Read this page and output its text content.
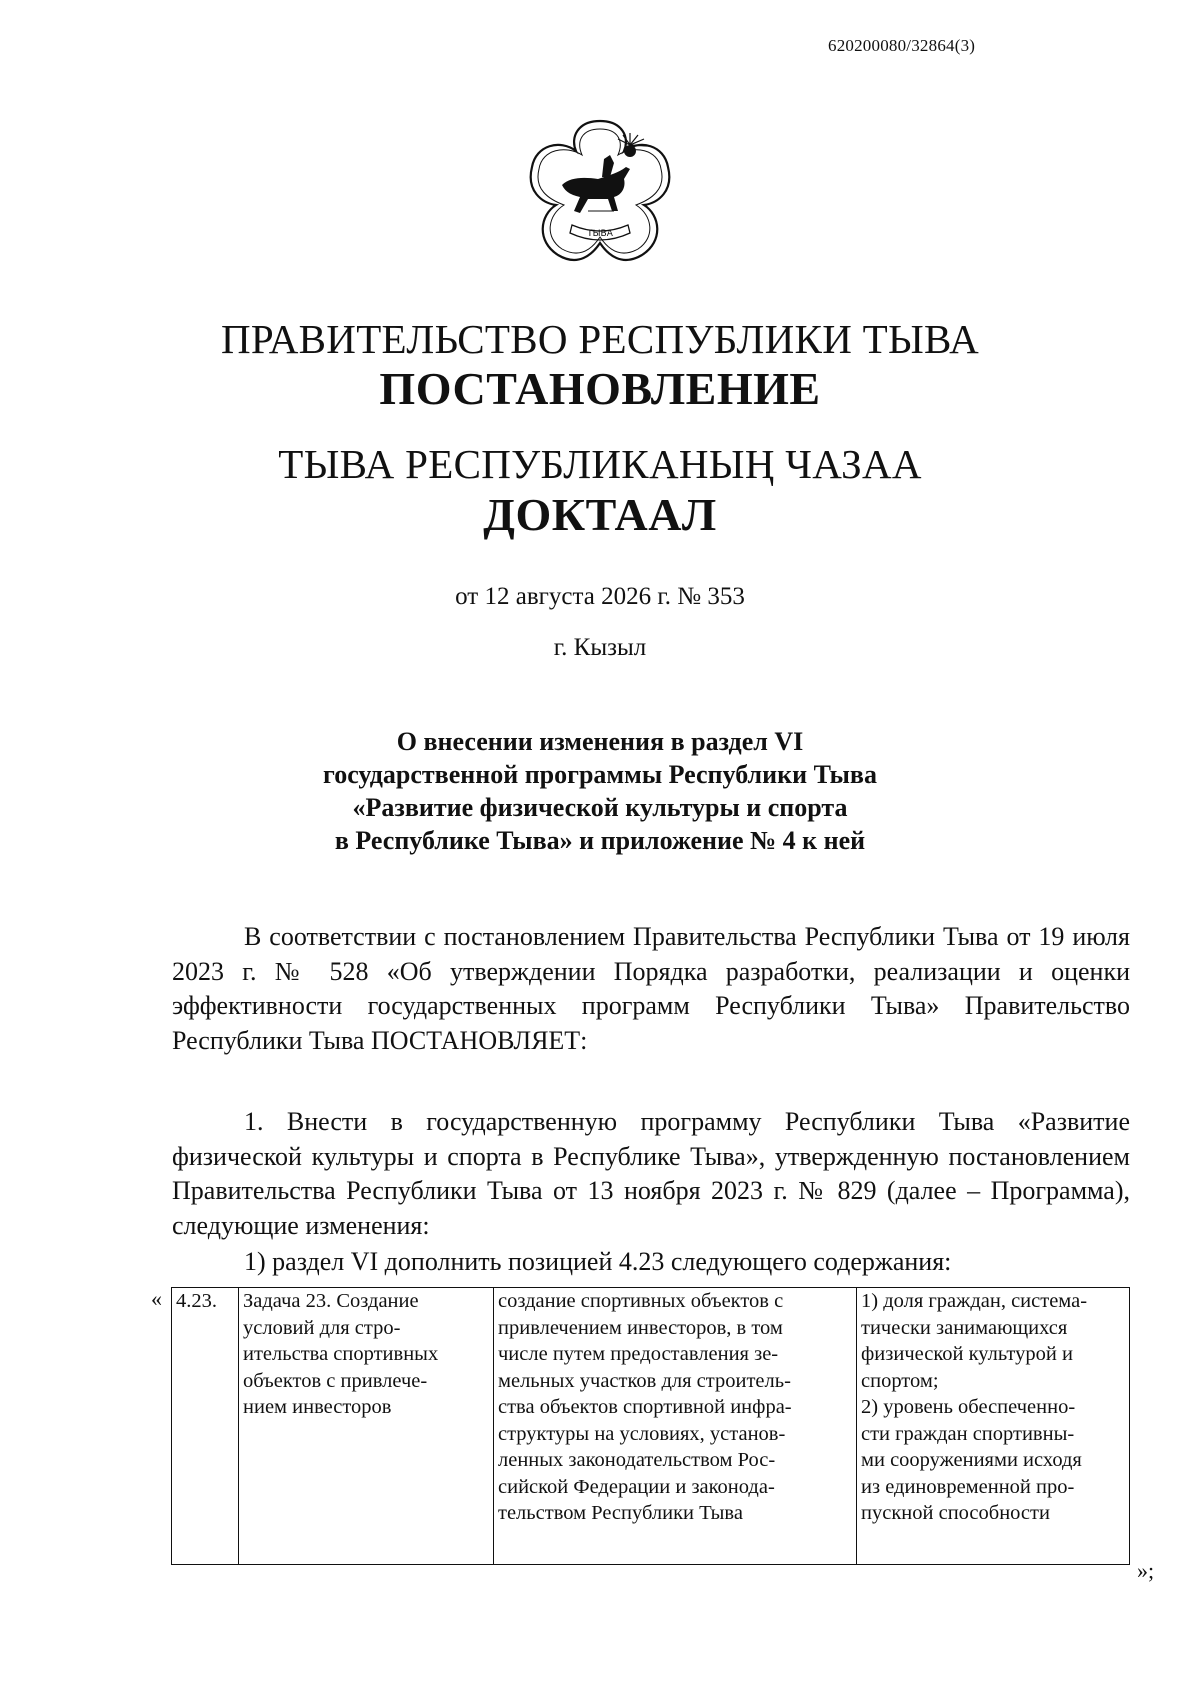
620200080/32864(3)
ТЫВА
ПРАВИТЕЛЬСТВО РЕСПУБЛИКИ ТЫВА
ПОСТАНОВЛЕНИЕ
ТЫВА РЕСПУБЛИКАНЫҢ ЧАЗАА
ДОКТААЛ
от 12 августа 2026 г. № 353
г. Кызыл
О внесении изменения в раздел VI
государственной программы Республики Тыва
«Развитие физической культуры и спорта
в Республике Тыва» и приложение № 4 к ней
В соответствии с постановлением Правительства Республики Тыва от 19 июля 2023 г. № 528 «Об утверждении Порядка разработки, реализации и оценки эффективности государственных программ Республики Тыва» Правительство Республики Тыва ПОСТАНОВЛЯЕТ:
1. Внести в государственную программу Республики Тыва «Развитие физической культуры и спорта в Республике Тыва», утвержденную постановлением Правительства Республики Тыва от 13 ноября 2023 г. № 829 (далее – Программа), следующие изменения:
1) раздел VI дополнить позицией 4.23 следующего содержания:
« 4.23.	Задача 23. Создание
условий для стро-
ительства спортивных
объектов с привлече-
нием инвесторов	создание спортивных объектов с
привлечением инвесторов, в том
числе путем предоставления зе-
мельных участков для строитель-
ства объектов спортивной инфра-
структуры на условиях, установ-
ленных законодательством Рос-
сийской Федерации и законода-
тельством Республики Тыва	1) доля граждан, система-
тически занимающихся
физической культурой и
спортом;
2) уровень обеспеченно-
сти граждан спортивны-
ми сооружениями исходя
из единовременной про-
пускной способности
»;
